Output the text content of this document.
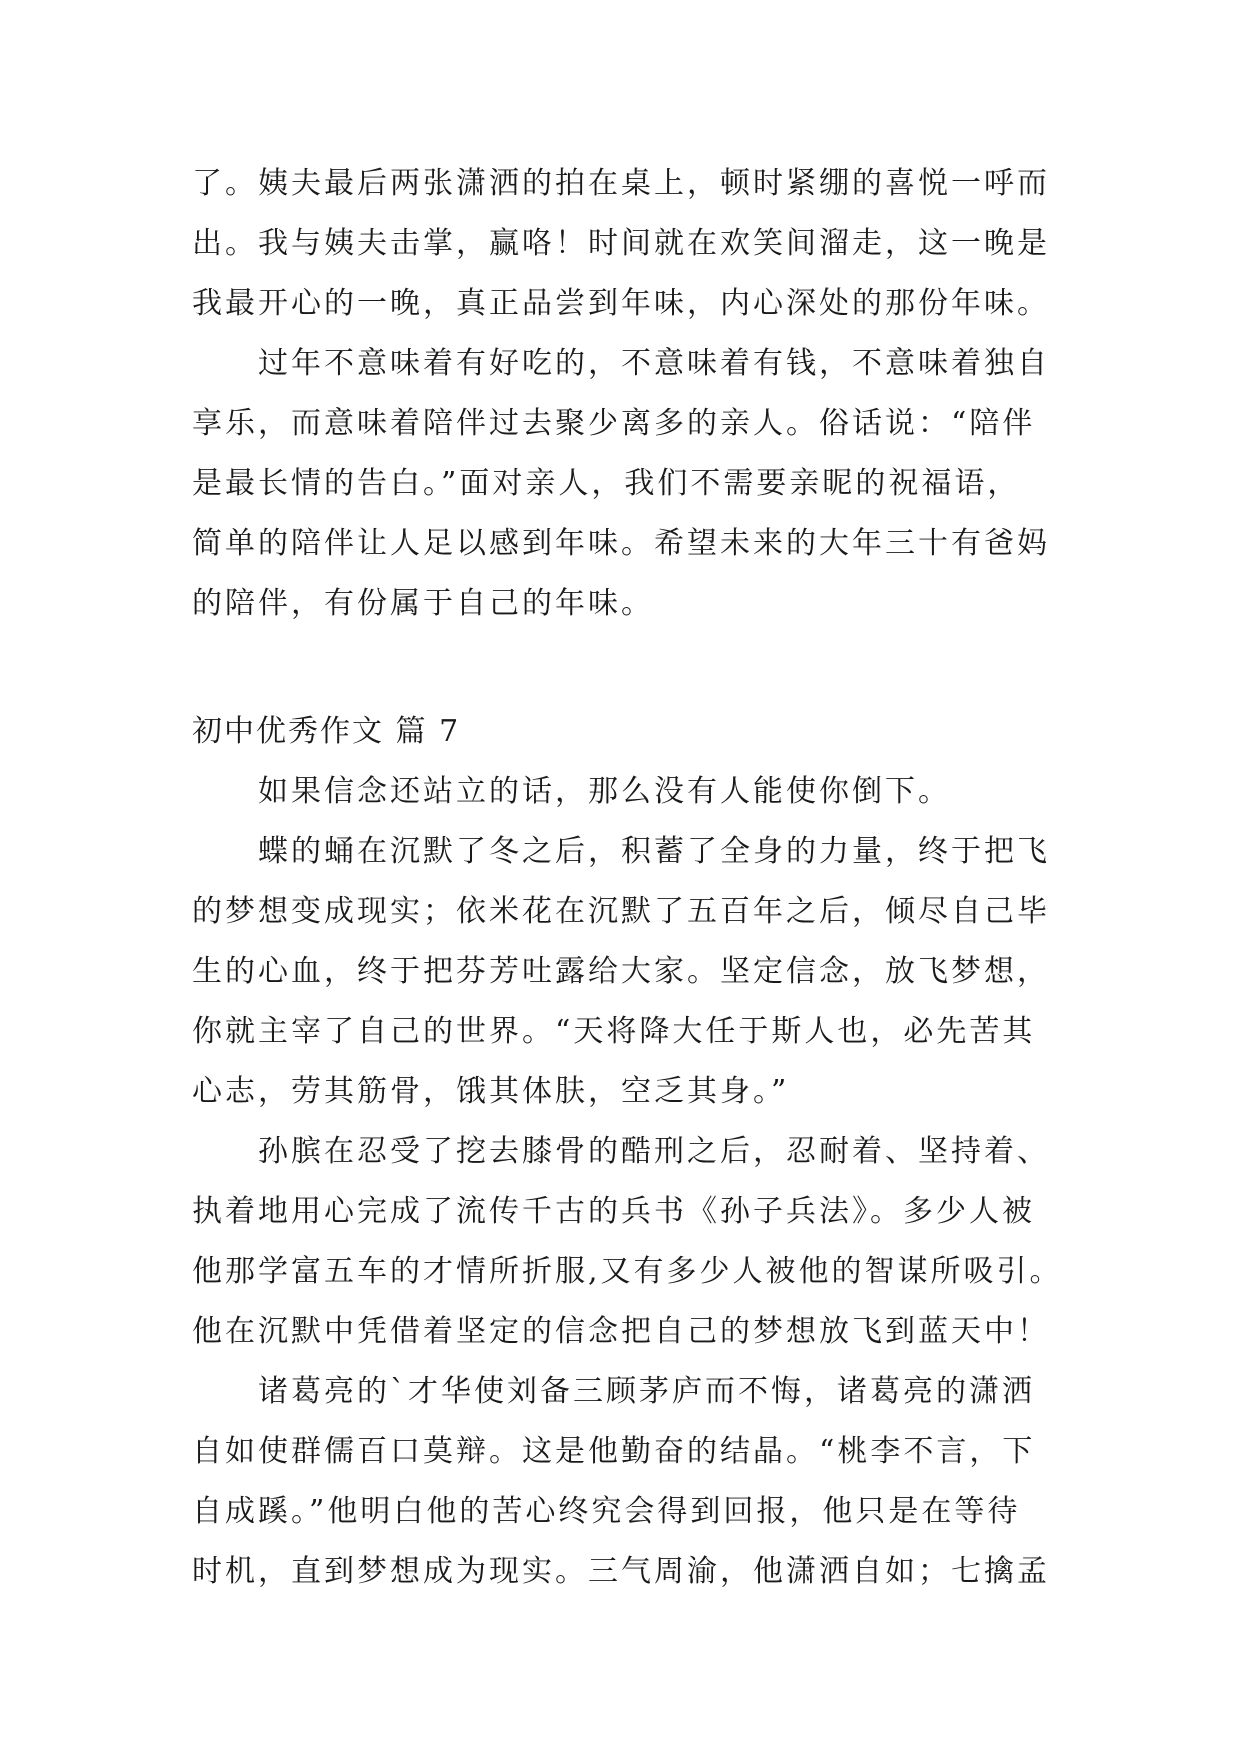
了。姨夫最后两张潇洒的拍在桌上，顿时紧绷的喜悦一呼而
出。我与姨夫击掌，赢咯！时间就在欢笑间溜走，这一晚是
我最开心的一晚，真正品尝到年味，内心深处的那份年味。
过年不意味着有好吃的，不意味着有钱，不意味着独自
享乐，而意味着陪伴过去聚少离多的亲人。俗话说：“陪伴
是最长情的告白。”面对亲人，我们不需要亲昵的祝福语，
简单的陪伴让人足以感到年味。希望未来的大年三十有爸妈
的陪伴，有份属于自己的年味。
初中优秀作文 篇 7
如果信念还站立的话，那么没有人能使你倒下。
蝶的蛹在沉默了冬之后，积蓄了全身的力量，终于把飞
的梦想变成现实；依米花在沉默了五百年之后，倾尽自己毕
生的心血，终于把芬芳吐露给大家。坚定信念，放飞梦想，
你就主宰了自己的世界。“天将降大任于斯人也，必先苦其
心志，劳其筋骨，饿其体肤，空乏其身。”
孙膑在忍受了挖去膝骨的酷刑之后，忍耐着、坚持着、
执着地用心完成了流传千古的兵书《孙子兵法》。多少人被
他那学富五车的才情所折服,又有多少人被他的智谋所吸引。
他在沉默中凭借着坚定的信念把自己的梦想放飞到蓝天中！
诸葛亮的`才华使刘备三顾茅庐而不悔，诸葛亮的潇洒
自如使群儒百口莫辩。这是他勤奋的结晶。“桃李不言，下
自成蹊。”他明白他的苦心终究会得到回报，他只是在等待
时机，直到梦想成为现实。三气周渝，他潇洒自如；七擒孟
